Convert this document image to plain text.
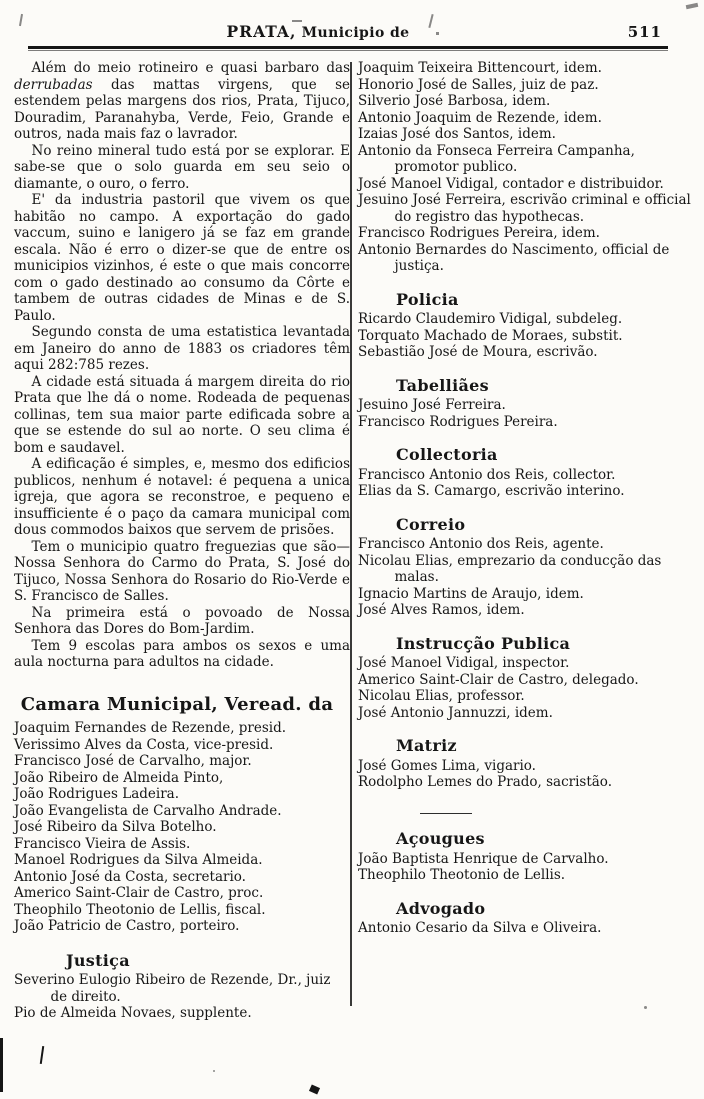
PRATA, Municipio de	511

Além do meio rotineiro e quasi barbaro das derrubadas das mattas virgens, que se estendem pelas margens dos rios, Prata, Tijuco, Douradim, Paranahyba, Verde, Feio, Grande e outros, nada mais faz o lavrador.

No reino mineral tudo está por se explorar. E sabe-se que o solo guarda em seu seio o diamante, o ouro, o ferro.

E' da industria pastoril que vivem os que habitão no campo. A exportação do gado vaccum, suino e lanigero já se faz em grande escala. Não é erro o dizer-se que de entre os municipios vizinhos, é este o que mais concorre com o gado destinado ao consumo da Côrte e tambem de outras cidades de Minas e de S. Paulo.

Segundo consta de uma estatistica levantada em Janeiro do anno de 1883 os criadores têm aqui 282:785 rezes.

A cidade está situada á margem direita do rio Prata que lhe dá o nome. Rodeada de pequenas collinas, tem sua maior parte edificada sobre a que se estende do sul ao norte. O seu clima é bom e saudavel.

A edificação é simples, e, mesmo dos edificios publicos, nenhum é notavel: é pequena a unica igreja, que agora se reconstroe, e pequeno e insufficiente é o paço da camara municipal com dous commodos baixos que servem de prisões.

Tem o municipio quatro freguezias que são—Nossa Senhora do Carmo do Prata, S. José do Tijuco, Nossa Senhora do Rosario do Rio-Verde e S. Francisco de Salles.

Na primeira está o povoado de Nossa Senhora das Dores do Bom-Jardim.

Tem 9 escolas para ambos os sexos e uma aula nocturna para adultos na cidade.

Camara Municipal, Veread. da

Joaquim Fernandes de Rezende, presid.

Verissimo Alves da Costa, vice-presid.

Francisco José de Carvalho, major.

João Ribeiro de Almeida Pinto,

João Rodrigues Ladeira.

João Evangelista de Carvalho Andrade.

José Ribeiro da Silva Botelho.

Francisco Vieira de Assis.

Manoel Rodrigues da Silva Almeida.

Antonio José da Costa, secretario.

Americo Saint-Clair de Castro, proc.

Theophilo Theotonio de Lellis, fiscal.

João Patricio de Castro, porteiro.

Justiça

Severino Eulogio Ribeiro de Rezende, Dr., juiz de direito.

Pio de Almeida Novaes, supplente.

Joaquim Teixeira Bittencourt, idem.

Honorio José de Salles, juiz de paz.

Silverio José Barbosa, idem.

Antonio Joaquim de Rezende, idem.

Izaias José dos Santos, idem.

Antonio da Fonseca Ferreira Campanha, promotor publico.

José Manoel Vidigal, contador e distribuidor.

Jesuino José Ferreira, escrivão criminal e official do registro das hypothecas.

Francisco Rodrigues Pereira, idem.

Antonio Bernardes do Nascimento, official de justiça.

Policia

Ricardo Claudemiro Vidigal, subdeleg.

Torquato Machado de Moraes, substit.

Sebastião José de Moura, escrivão.

Tabelliães

Jesuino José Ferreira.

Francisco Rodrigues Pereira.

Collectoria

Francisco Antonio dos Reis, collector.

Elias da S. Camargo, escrivão interino.

Correio

Francisco Antonio dos Reis, agente.

Nicolau Elias, emprezario da conducção das malas.

Ignacio Martins de Araujo, idem.

José Alves Ramos, idem.

Instrucção Publica

José Manoel Vidigal, inspector.

Americo Saint-Clair de Castro, delegado.

Nicolau Elias, professor.

José Antonio Jannuzzi, idem.

Matriz

José Gomes Lima, vigario.

Rodolpho Lemes do Prado, sacristão.

Açougues

João Baptista Henrique de Carvalho.

Theophilo Theotonio de Lellis.

Advogado

Antonio Cesario da Silva e Oliveira.
